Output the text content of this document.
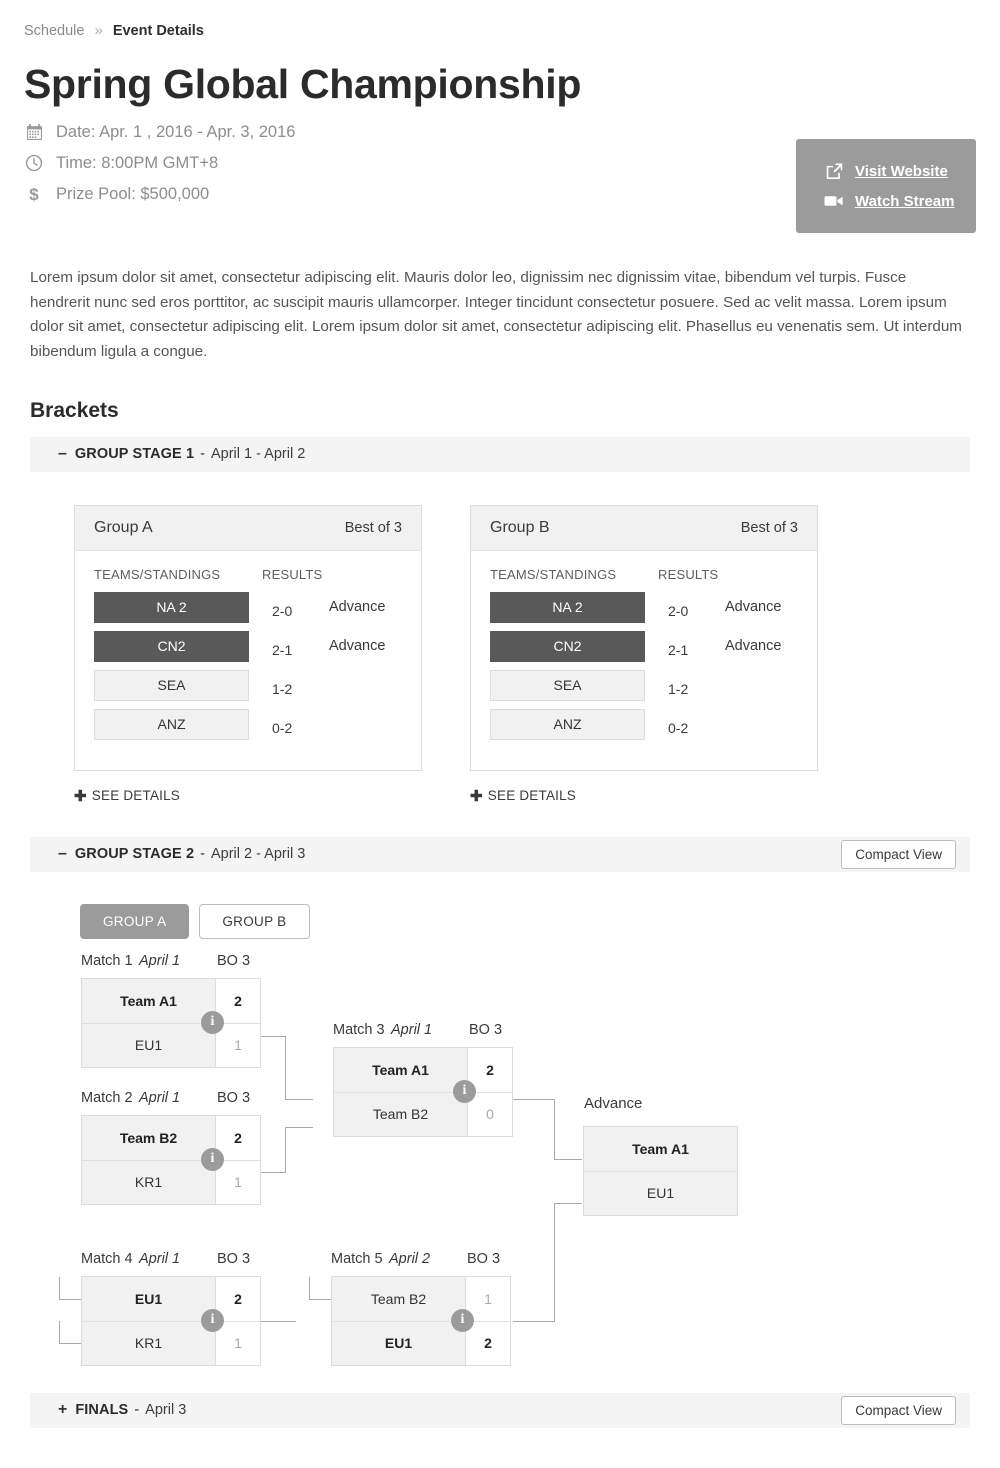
Schedule » Event Details
Spring Global Championship
Date: Apr. 1 , 2016 - Apr. 3, 2016
Time: 8:00PM GMT+8
$ Prize Pool: $500,000
Visit Website
Watch Stream

Lorem ipsum dolor sit amet, consectetur adipiscing elit. Mauris dolor leo, dignissim nec dignissim vitae, bibendum vel turpis. Fusce hendrerit nunc sed eros porttitor, ac suscipit mauris ullamcorper. Integer tincidunt consectetur posuere. Sed ac velit massa. Lorem ipsum dolor sit amet, consectetur adipiscing elit. Lorem ipsum dolor sit amet, consectetur adipiscing elit. Phasellus eu venenatis sem. Ut interdum bibendum ligula a congue.

Brackets
– GROUP STAGE 1 - April 1 - April 2
Group A	Best of 3
TEAMS/STANDINGS	RESULTS
NA 2	2-0	Advance
CN2	2-1	Advance
SEA	1-2
ANZ	0-2
✚ SEE DETAILS
Group B	Best of 3
TEAMS/STANDINGS	RESULTS
NA 2	2-0	Advance
CN2	2-1	Advance
SEA	1-2
ANZ	0-2
✚ SEE DETAILS
– GROUP STAGE 2 - April 2 - April 3	Compact View
GROUP A	GROUP B
Match 1 April 1	BO 3
Team A1	2
EU1	1
i
Match 2 April 1	BO 3
Team B2	2
KR1	1
i
Match 3 April 1	BO 3
Team A1	2
Team B2	0
i
Advance
Team A1
EU1
Match 4 April 1	BO 3
EU1	2
KR1	1
i
Match 5 April 2	BO 3
Team B2	1
EU1	2
i
+ FINALS - April 3	Compact View
